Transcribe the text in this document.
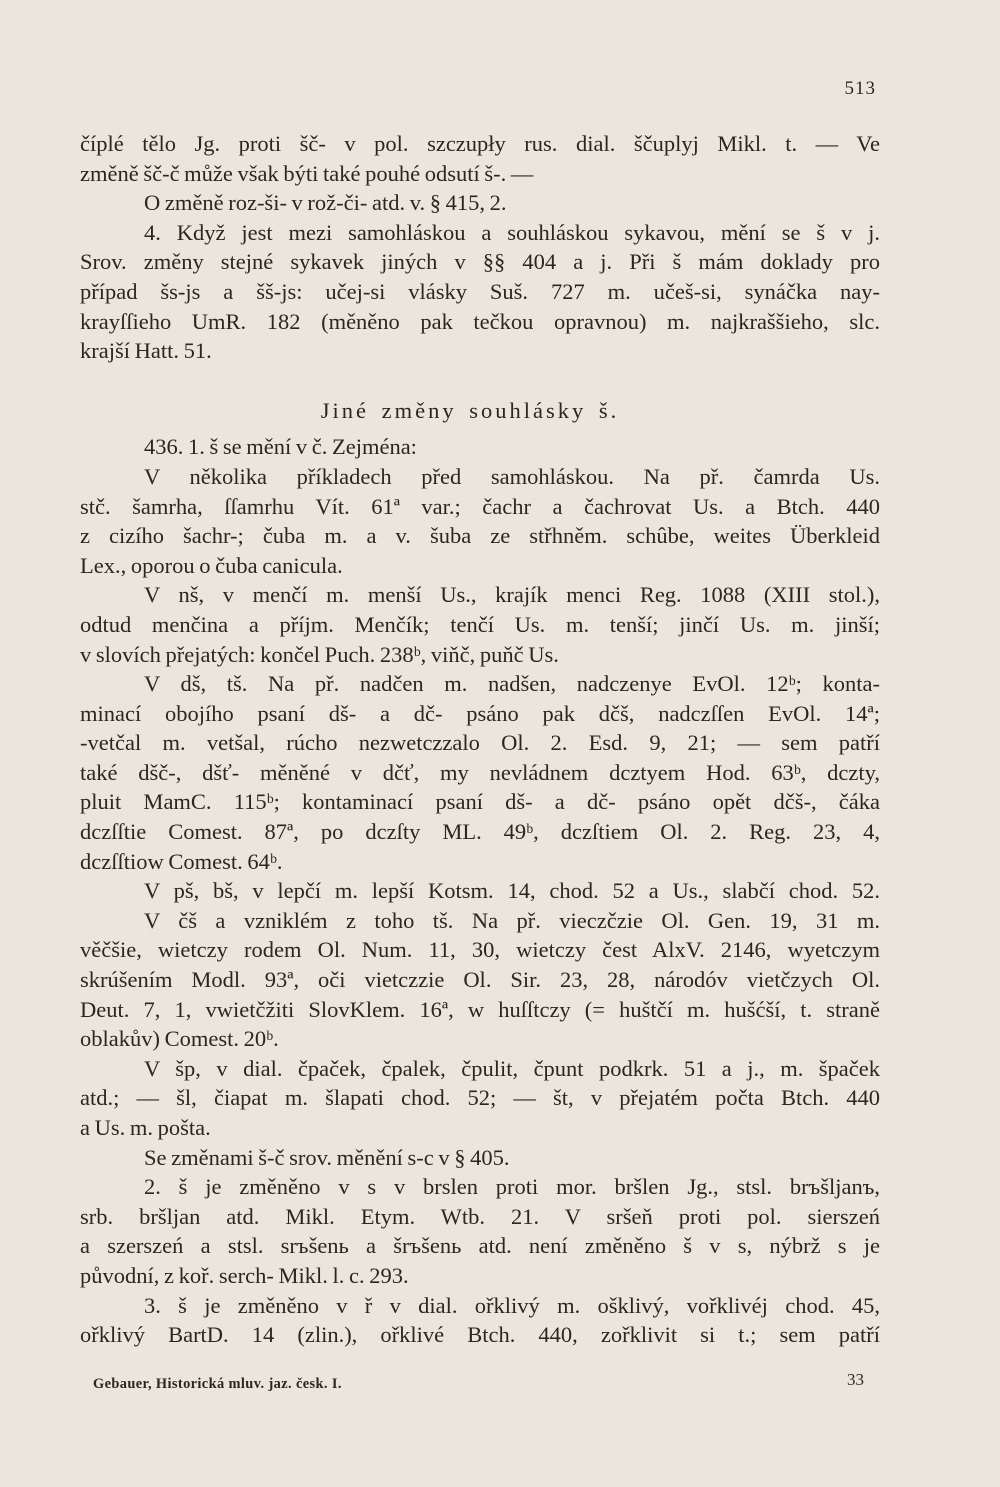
513
číplé tělo Jg. proti šč- v pol. szczupły rus. dial. ščuplyj Mikl. t. — Ve
změně šč-č může však býti také pouhé odsutí š-. —
O změně roz-ši- v rož-či- atd. v. § 415, 2.
4. Když jest mezi samohláskou a souhláskou sykavou, mění se š v j.
Srov. změny stejné sykavek jiných v §§ 404 a j. Při š mám doklady pro
případ šs-js a šš-js: učej-si vlásky Suš. 727 m. učeš-si, synáčka nay-
krayſſieho UmR. 182 (měněno pak tečkou opravnou) m. najkraššieho, slc.
krajší Hatt. 51.
Jiné změny souhlásky š.
436. 1. š se mění v č. Zejména:
V několika příkladech před samohláskou. Na př. čamrda Us.
stč. šamrha, ſſamrhu Vít. 61ª var.; čachr a čachrovat Us. a Btch. 440
z cizího šachr-; čuba m. a v. šuba ze střhněm. schûbe, weites Überkleid
Lex., oporou o čuba canicula.
V nš, v menčí m. menší Us., krajík menci Reg. 1088 (XIII stol.),
odtud menčina a příjm. Menčík; tenčí Us. m. tenší; jinčí Us. m. jinší;
v slovích přejatých: končel Puch. 238ᵇ, viňč, puňč Us.
V dš, tš. Na př. nadčen m. nadšen, nadczenye EvOl. 12ᵇ; konta-
minací obojího psaní dš- a dč- psáno pak dčš, nadczſſen EvOl. 14ª;
-vetčal m. vetšal, rúcho nezwetczzalo Ol. 2. Esd. 9, 21; — sem patří
také dšč-, dšť- měněné v dčť, my nevládnem dcztyem Hod. 63ᵇ, dczty,
pluit MamC. 115ᵇ; kontaminací psaní dš- a dč- psáno opět dčš-, čáka
dczſſtie Comest. 87ª, po dczſty ML. 49ᵇ, dczſtiem Ol. 2. Reg. 23, 4,
dczſſtiow Comest. 64ᵇ.
V pš, bš, v lepčí m. lepší Kotsm. 14, chod. 52 a Us., slabčí chod. 52.
V čš a vzniklém z toho tš. Na př. vieczčzie Ol. Gen. 19, 31 m.
věčšie, wietczy rodem Ol. Num. 11, 30, wietczy čest AlxV. 2146, wyetczym
skrúšením Modl. 93ª, oči vietczzie Ol. Sir. 23, 28, národóv vietčzych Ol.
Deut. 7, 1, vwietčžiti SlovKlem. 16ª, w huſſtczy (= huštčí m. hušćší, t. straně
oblakův) Comest. 20ᵇ.
V šp, v dial. čpaček, čpalek, čpulit, čpunt podkrk. 51 a j., m. špaček
atd.; — šl, čiapat m. šlapati chod. 52; — št, v přejatém počta Btch. 440
a Us. m. pošta.
Se změnami š-č srov. měnění s-c v § 405.
2. š je změněno v s v brslen proti mor. bršlen Jg., stsl. brъšljanъ,
srb. bršljan atd. Mikl. Etym. Wtb. 21. V sršeň proti pol. sierszeń
a szerszeń a stsl. srъšenь a šrъšenь atd. není změněno š v s, nýbrž s je
původní, z koř. serch- Mikl. l. c. 293.
3. š je změněno v ř v dial. ořklivý m. ošklivý, vořklivéj chod. 45,
ořklivý BartD. 14 (zlin.), ořklivé Btch. 440, zořklivit si t.; sem patří
Gebauer, Historická mluv. jaz. česk. I.	33
